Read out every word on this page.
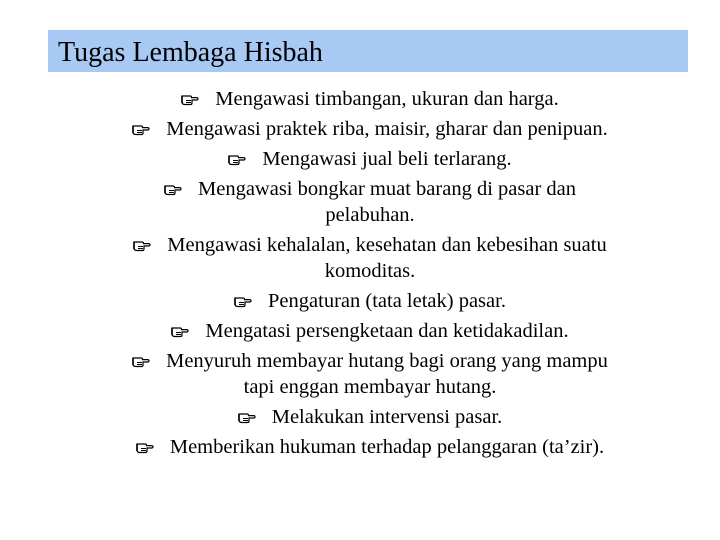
Tugas Lembaga Hisbah
Mengawasi timbangan, ukuran dan harga.
Mengawasi praktek riba, maisir, gharar dan penipuan.
Mengawasi jual beli terlarang.
Mengawasi bongkar muat barang di pasar dan
pelabuhan.
Mengawasi kehalalan, kesehatan dan kebesihan suatu
komoditas.
Pengaturan (tata letak) pasar.
Mengatasi persengketaan dan ketidakadilan.
Menyuruh membayar hutang bagi orang yang mampu
tapi enggan membayar hutang.
Melakukan intervensi pasar.
Memberikan hukuman terhadap pelanggaran (ta’zir).
